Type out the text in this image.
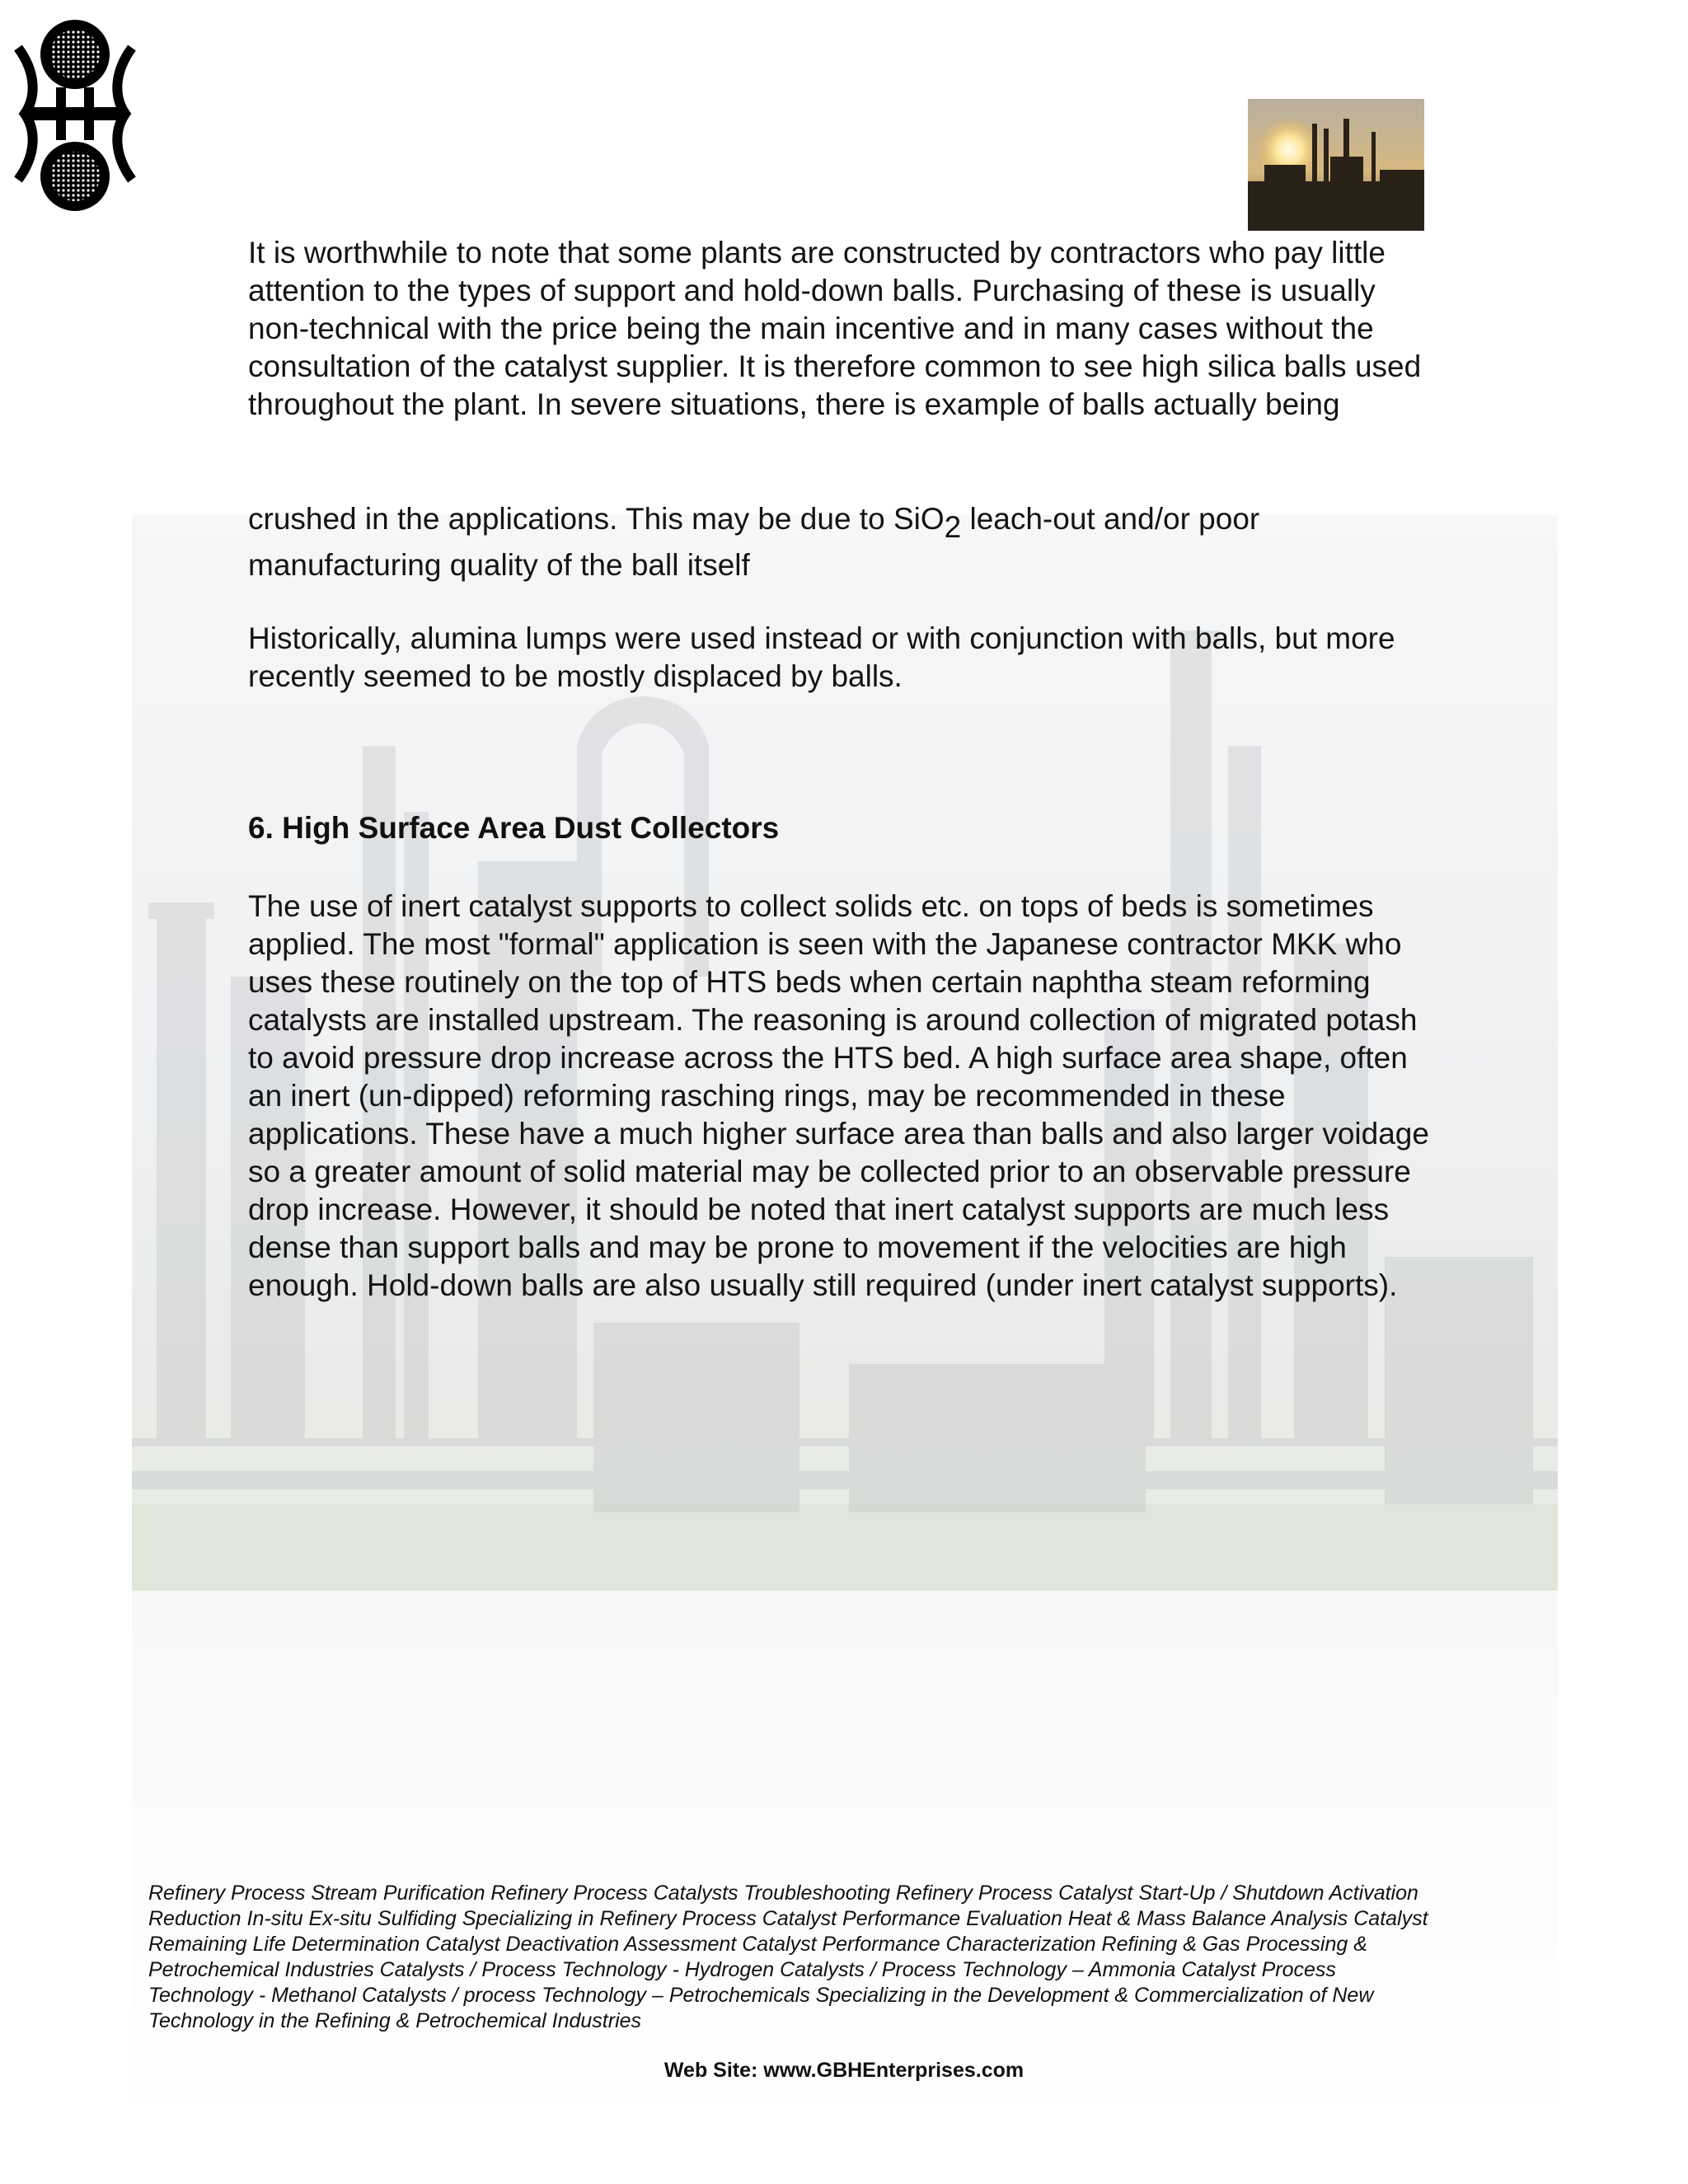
It is worthwhile to note that some plants are constructed by contractors who pay little attention to the types of support and hold-down balls. Purchasing of these is usually non-technical with the price being the main incentive and in many cases without the consultation of the catalyst supplier. It is therefore common to see high silica balls used throughout the plant. In severe situations, there is example of balls actually being
crushed in the applications. This may be due to SiO$_2$ leach-out and/or poor manufacturing quality of the ball itself
Historically, alumina lumps were used instead or with conjunction with balls, but more recently seemed to be mostly displaced by balls.
6. High Surface Area Dust Collectors
The use of inert catalyst supports to collect solids etc. on tops of beds is sometimes applied. The most "formal" application is seen with the Japanese contractor MKK who uses these routinely on the top of HTS beds when certain naphtha steam reforming catalysts are installed upstream. The reasoning is around collection of migrated potash to avoid pressure drop increase across the HTS bed. A high surface area shape, often an inert (un-dipped) reforming rasching rings, may be recommended in these applications. These have a much higher surface area than balls and also larger voidage so a greater amount of solid material may be collected prior to an observable pressure drop increase. However, it should be noted that inert catalyst supports are much less dense than support balls and may be prone to movement if the velocities are high enough. Hold-down balls are also usually still required (under inert catalyst supports).
Refinery Process Stream Purification Refinery Process Catalysts Troubleshooting Refinery Process Catalyst Start-Up / Shutdown Activation Reduction In-situ Ex-situ Sulfiding Specializing in Refinery Process Catalyst Performance Evaluation Heat & Mass Balance Analysis Catalyst Remaining Life Determination Catalyst Deactivation Assessment Catalyst Performance Characterization Refining & Gas Processing & Petrochemical Industries Catalysts / Process Technology - Hydrogen Catalysts / Process Technology – Ammonia Catalyst Process Technology - Methanol Catalysts / process Technology – Petrochemicals Specializing in the Development & Commercialization of New Technology in the Refining & Petrochemical Industries
Web Site: www.GBHEnterprises.com
